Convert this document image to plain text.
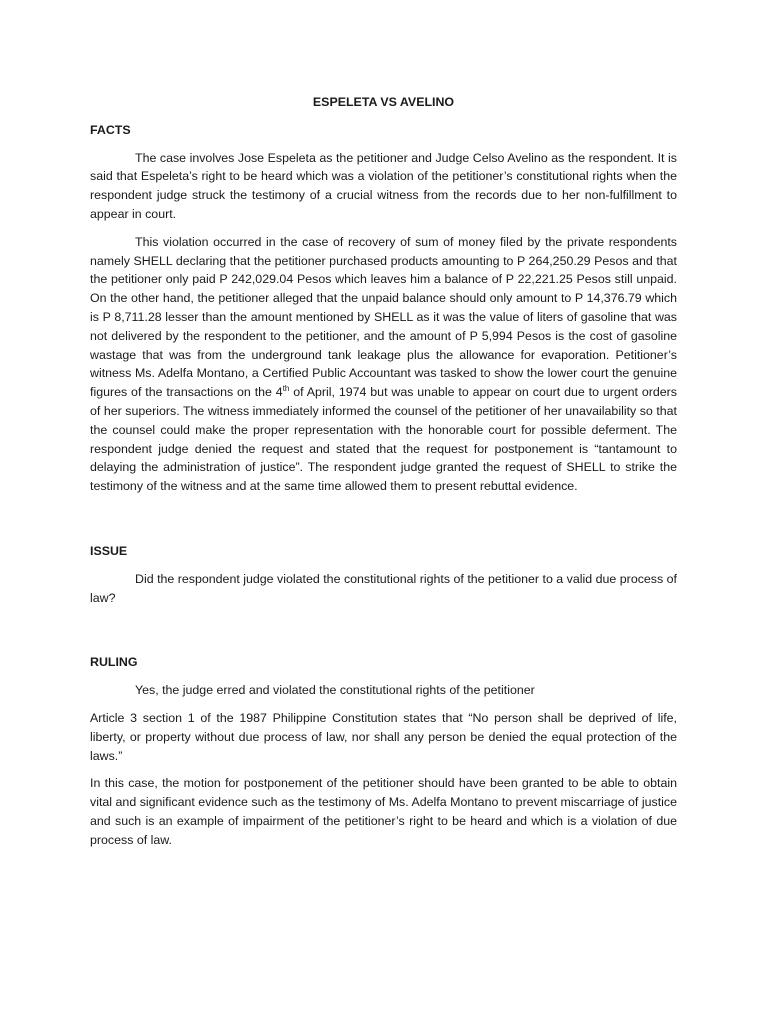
ESPELETA VS AVELINO
FACTS

The case involves Jose Espeleta as the petitioner and Judge Celso Avelino as the respondent. It is said that Espeleta’s right to be heard which was a violation of the petitioner’s constitutional rights when the respondent judge struck the testimony of a crucial witness from the records due to her non-fulfillment to appear in court.

This violation occurred in the case of recovery of sum of money filed by the private respondents namely SHELL declaring that the petitioner purchased products amounting to P 264,250.29 Pesos and that the petitioner only paid P 242,029.04 Pesos which leaves him a balance of P 22,221.25 Pesos still unpaid. On the other hand, the petitioner alleged that the unpaid balance should only amount to P 14,376.79 which is P 8,711.28 lesser than the amount mentioned by SHELL as it was the value of liters of gasoline that was not delivered by the respondent to the petitioner, and the amount of P 5,994 Pesos is the cost of gasoline wastage that was from the underground tank leakage plus the allowance for evaporation. Petitioner’s witness Ms. Adelfa Montano, a Certified Public Accountant was tasked to show the lower court the genuine figures of the transactions on the 4th of April, 1974 but was unable to appear on court due to urgent orders of her superiors. The witness immediately informed the counsel of the petitioner of her unavailability so that the counsel could make the proper representation with the honorable court for possible deferment. The respondent judge denied the request and stated that the request for postponement is “tantamount to delaying the administration of justice”. The respondent judge granted the request of SHELL to strike the testimony of the witness and at the same time allowed them to present rebuttal evidence.

ISSUE

Did the respondent judge violated the constitutional rights of the petitioner to a valid due process of law?

RULING

Yes, the judge erred and violated the constitutional rights of the petitioner

Article 3 section 1 of the 1987 Philippine Constitution states that “No person shall be deprived of life, liberty, or property without due process of law, nor shall any person be denied the equal protection of the laws.”

In this case, the motion for postponement of the petitioner should have been granted to be able to obtain vital and significant evidence such as the testimony of Ms. Adelfa Montano to prevent miscarriage of justice and such is an example of impairment of the petitioner’s right to be heard and which is a violation of due process of law.
